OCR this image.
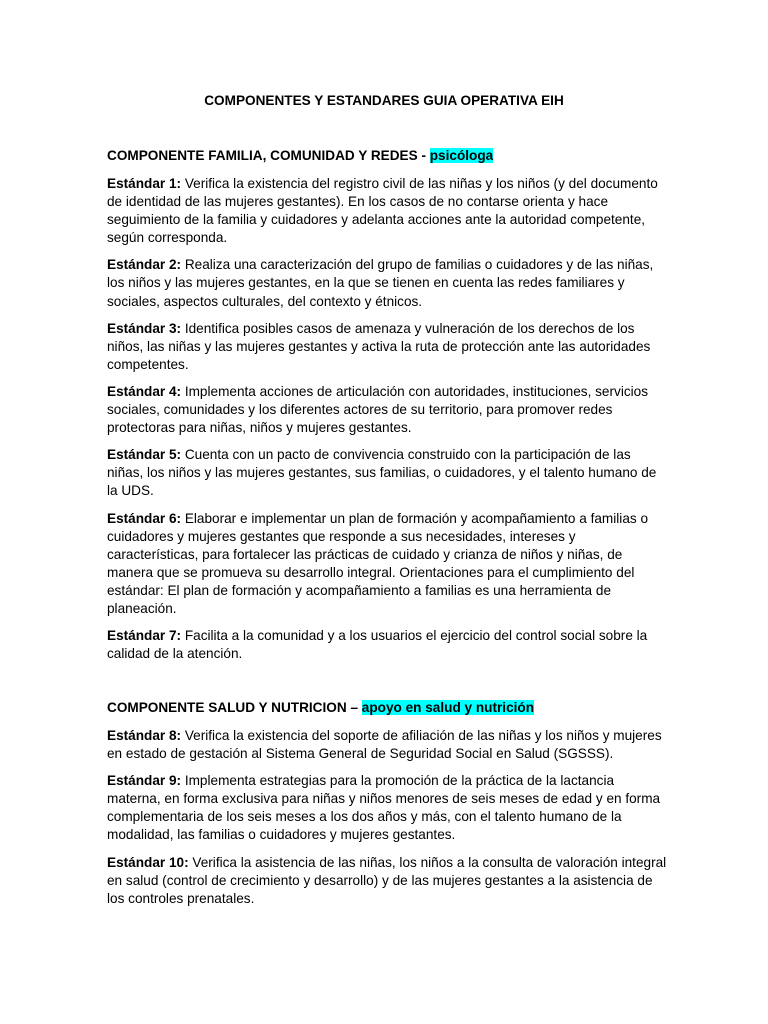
COMPONENTES Y ESTANDARES GUIA OPERATIVA EIH
COMPONENTE FAMILIA, COMUNIDAD Y REDES - psicóloga

Estándar 1: Verifica la existencia del registro civil de las niñas y los niños (y del documento de identidad de las mujeres gestantes). En los casos de no contarse orienta y hace seguimiento de la familia y cuidadores y adelanta acciones ante la autoridad competente, según corresponda.

Estándar 2: Realiza una caracterización del grupo de familias o cuidadores y de las niñas, los niños y las mujeres gestantes, en la que se tienen en cuenta las redes familiares y sociales, aspectos culturales, del contexto y étnicos.

Estándar 3: Identifica posibles casos de amenaza y vulneración de los derechos de los niños, las niñas y las mujeres gestantes y activa la ruta de protección ante las autoridades competentes.

Estándar 4: Implementa acciones de articulación con autoridades, instituciones, servicios sociales, comunidades y los diferentes actores de su territorio, para promover redes protectoras para niñas, niños y mujeres gestantes.

Estándar 5: Cuenta con un pacto de convivencia construido con la participación de las niñas, los niños y las mujeres gestantes, sus familias, o cuidadores, y el talento humano de la UDS.

Estándar 6: Elaborar e implementar un plan de formación y acompañamiento a familias o cuidadores y mujeres gestantes que responde a sus necesidades, intereses y características, para fortalecer las prácticas de cuidado y crianza de niños y niñas, de manera que se promueva su desarrollo integral. Orientaciones para el cumplimiento del estándar: El plan de formación y acompañamiento a familias es una herramienta de planeación.

Estándar 7: Facilita a la comunidad y a los usuarios el ejercicio del control social sobre la calidad de la atención.

COMPONENTE SALUD Y NUTRICION – apoyo en salud y nutrición

Estándar 8: Verifica la existencia del soporte de afiliación de las niñas y los niños y mujeres en estado de gestación al Sistema General de Seguridad Social en Salud (SGSSS).

Estándar 9: Implementa estrategias para la promoción de la práctica de la lactancia materna, en forma exclusiva para niñas y niños menores de seis meses de edad y en forma complementaria de los seis meses a los dos años y más, con el talento humano de la modalidad, las familias o cuidadores y mujeres gestantes.

Estándar 10: Verifica la asistencia de las niñas, los niños a la consulta de valoración integral en salud (control de crecimiento y desarrollo) y de las mujeres gestantes a la asistencia de los controles prenatales.
